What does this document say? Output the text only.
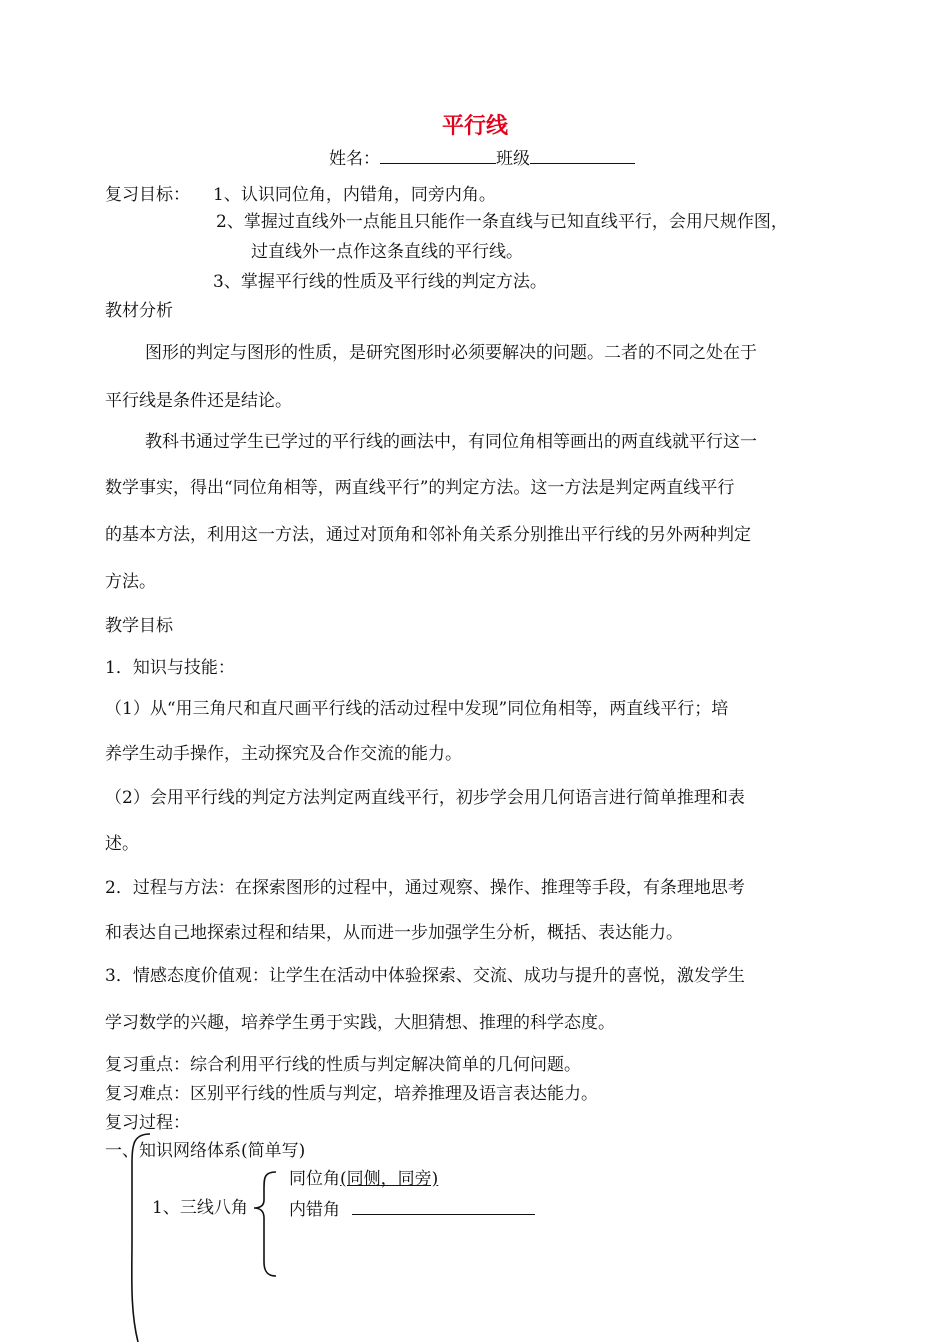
平行线
姓名：	班级
复习目标： 1、认识同位角，内错角，同旁内角。
2、掌握过直线外一点能且只能作一条直线与已知直线平行，会用尺规作图，
过直线外一点作这条直线的平行线。
3、掌握平行线的性质及平行线的判定方法。
教材分析
图形的判定与图形的性质，是研究图形时必须要解决的问题。二者的不同之处在于
平行线是条件还是结论。
教科书通过学生已学过的平行线的画法中，有同位角相等画出的两直线就平行这一
数学事实，得出“同位角相等，两直线平行”的判定方法。这一方法是判定两直线平行
的基本方法，利用这一方法，通过对顶角和邻补角关系分别推出平行线的另外两种判定
方法。
教学目标
1．知识与技能：
（1）从“用三角尺和直尺画平行线的活动过程中发现”同位角相等，两直线平行；培
养学生动手操作，主动探究及合作交流的能力。
（2）会用平行线的判定方法判定两直线平行，初步学会用几何语言进行简单推理和表
述。
2．过程与方法：在探索图形的过程中，通过观察、操作、推理等手段，有条理地思考
和表达自己地探索过程和结果，从而进一步加强学生分析，概括、表达能力。
3．情感态度价值观：让学生在活动中体验探索、交流、成功与提升的喜悦，激发学生
学习数学的兴趣，培养学生勇于实践，大胆猜想、推理的科学态度。
复习重点：综合利用平行线的性质与判定解决简单的几何问题。
复习难点：区别平行线的性质与判定，培养推理及语言表达能力。
复习过程：
一、知识网络体系(简单写)
同位角(同侧，同旁)
1、三线八角 内错角
